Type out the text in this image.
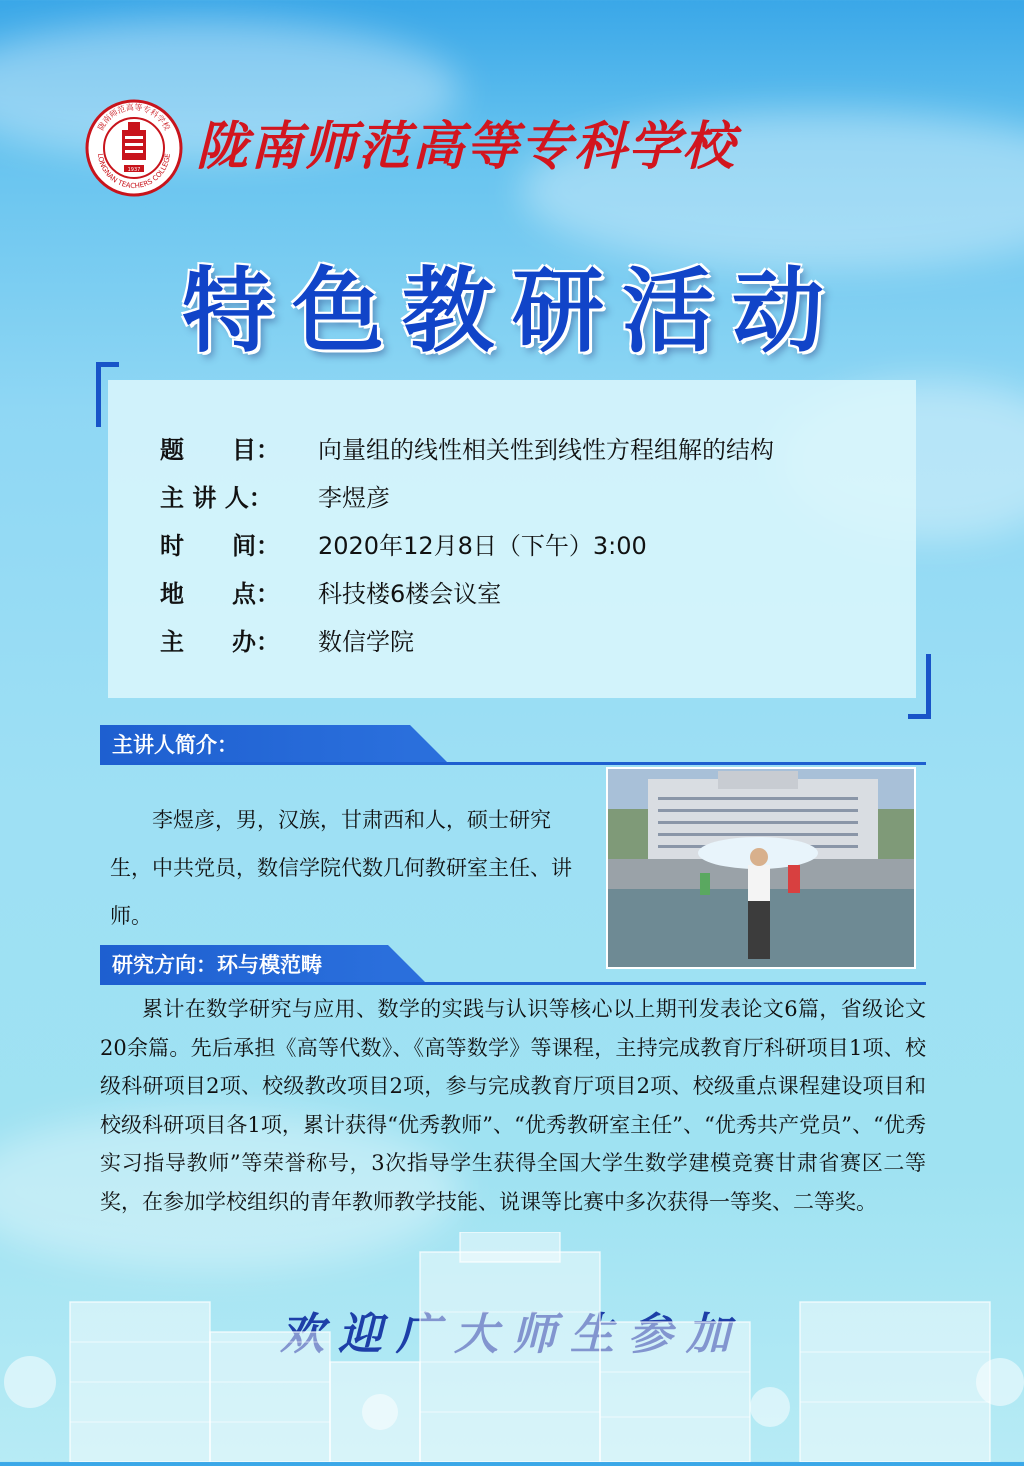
1937
LONGNAN TEACHERS COLLEGE
陇南师范高等专科学校 陇南师范高等专科学校
特色教研活动
题　　目：	向量组的线性相关性到线性方程组解的结构
主 讲 人：	李煜彦
时　　间：	2020年12月8日（下午）3:00
地　　点：	科技楼6楼会议室
主　　办：	数信学院
主讲人简介：
李煜彦，男，汉族，甘肃西和人，硕士研究生，中共党员，数信学院代数几何教研室主任、讲师。
研究方向：环与模范畴
累计在数学研究与应用、数学的实践与认识等核心以上期刊发表论文6篇，省级论文20余篇。先后承担《高等代数》、《高等数学》等课程，主持完成教育厅科研项目1项、校级科研项目2项、校级教改项目2项，参与完成教育厅项目2项、校级重点课程建设项目和校级科研项目各1项，累计获得“优秀教师”、“优秀教研室主任”、“优秀共产党员”、“优秀实习指导教师”等荣誉称号，3次指导学生获得全国大学生数学建模竞赛甘肃省赛区二等奖，在参加学校组织的青年教师教学技能、说课等比赛中多次获得一等奖、二等奖。
